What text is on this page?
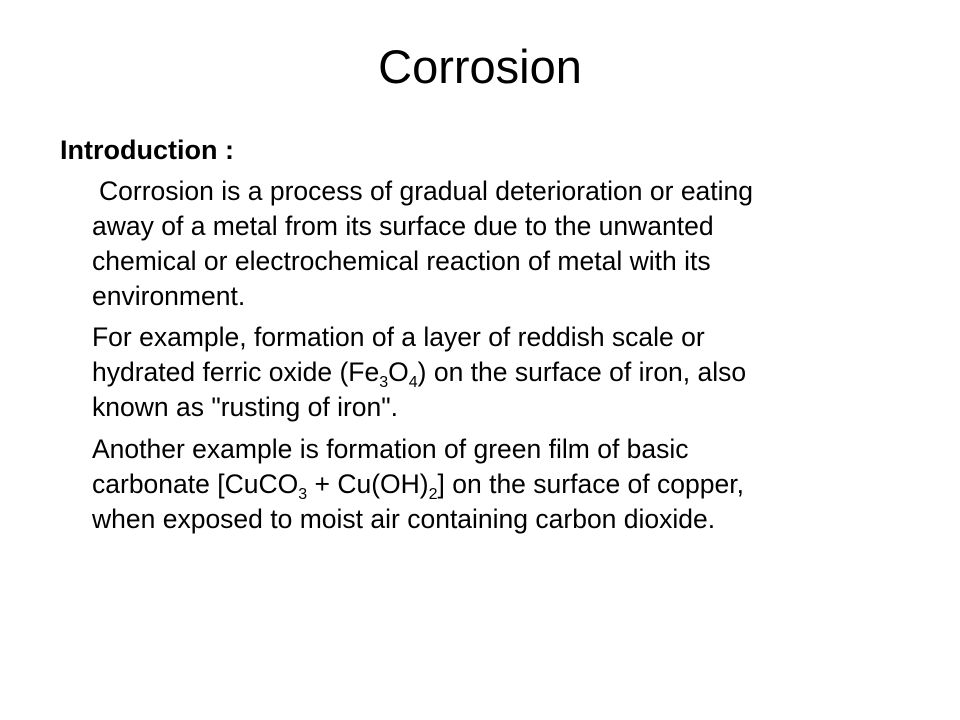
Corrosion
Introduction :

Corrosion is a process of gradual deterioration or eating
away of a metal from its surface due to the unwanted
chemical or electrochemical reaction of metal with its
environment.

For example, formation of a layer of reddish scale or
hydrated ferric oxide $(Fe_3O_4)$ on the surface of iron, also
known as "rusting of iron".

Another example is formation of green film of basic
carbonate [CuCO$_3$ + $Cu(OH)_2$] on the surface of copper,
when exposed to moist air containing carbon dioxide.
